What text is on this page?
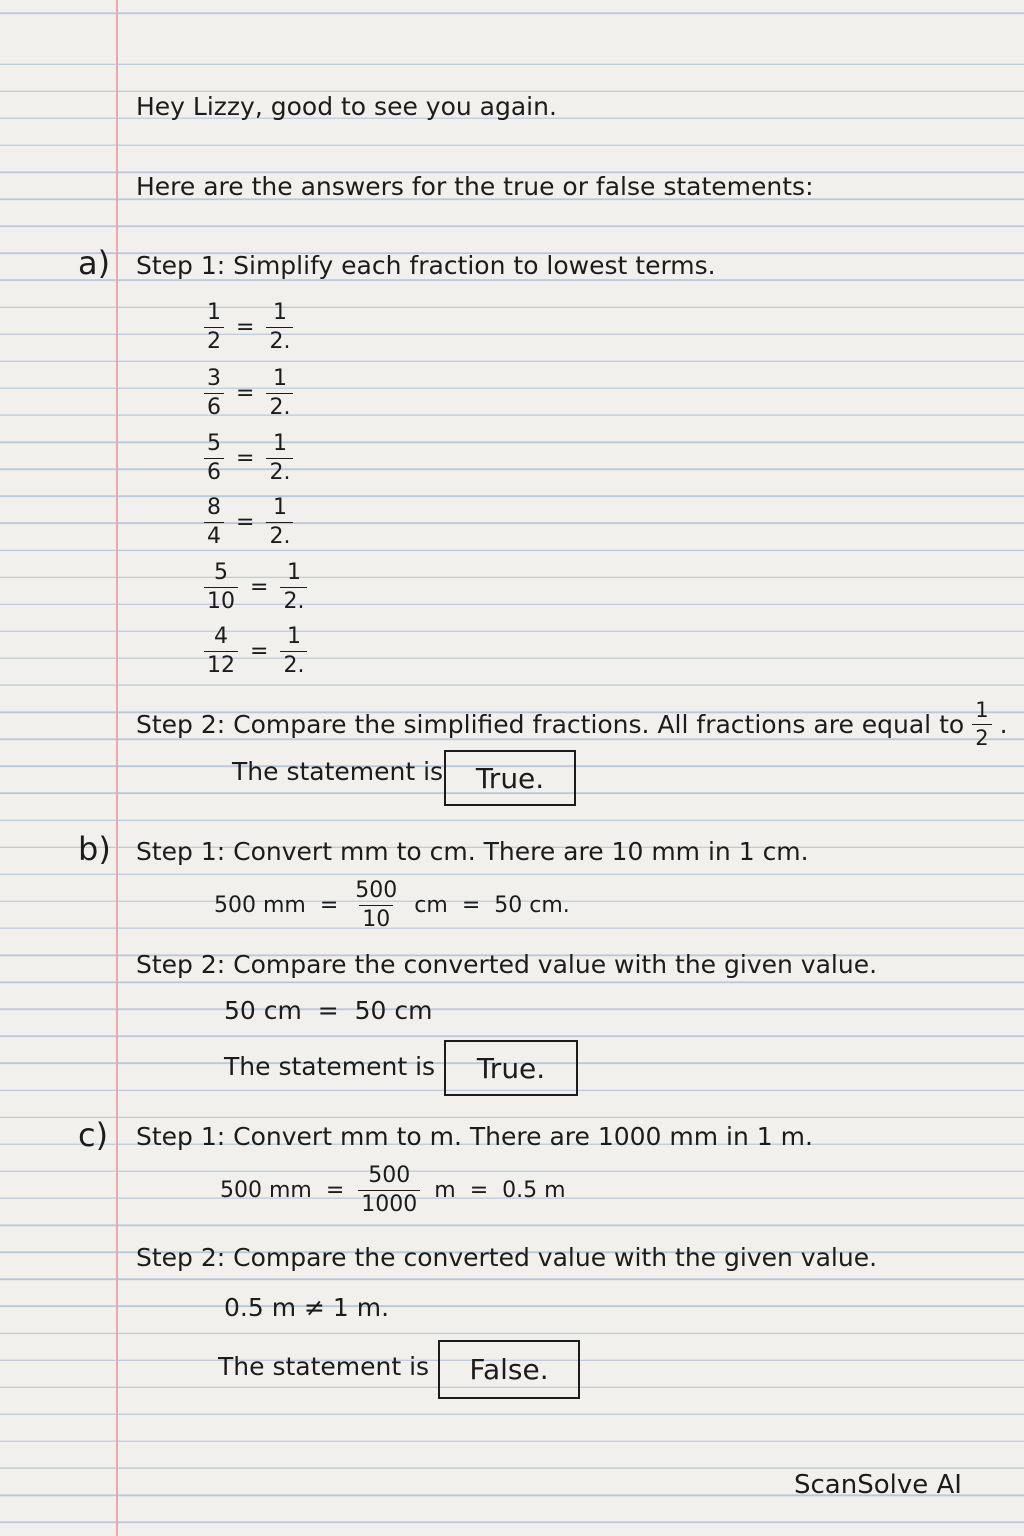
Hey Lizzy, good to see you again.
Here are the answers for the true or false statements:
a) Step 1: Simplify each fraction to lowest terms.
$\frac{1}{2} = \frac{1}{2}$ .
$\frac{3}{6} = \frac{1}{2}$ .
$\frac{5}{6} = \frac{1}{2}$ .
$\frac{8}{4} = \frac{1}{2}$ .
$\frac{5}{10} = \frac{1}{2}$ .
$\frac{4}{12} = \frac{1}{2}$ .
Step 2: Compare the simplified fractions. All fractions are equal to $\frac{1}{2}$ .
The statement is True.
b) Step 1: Convert mm to cm. There are 10 mm in 1 cm.
500 mm = $\frac{500}{10}$ cm = 50 cm.
Step 2: Compare the converted value with the given value.
50 cm  =  50 cm
The statement is True.
c) Step 1: Convert mm to m. There are 1000 mm in 1 m.
500 mm = $\frac{500}{1000}$ m = 0.5 m
Step 2: Compare the converted value with the given value.
0.5 m ≠ 1 m.
The statement is False.
ScanSolve AI
